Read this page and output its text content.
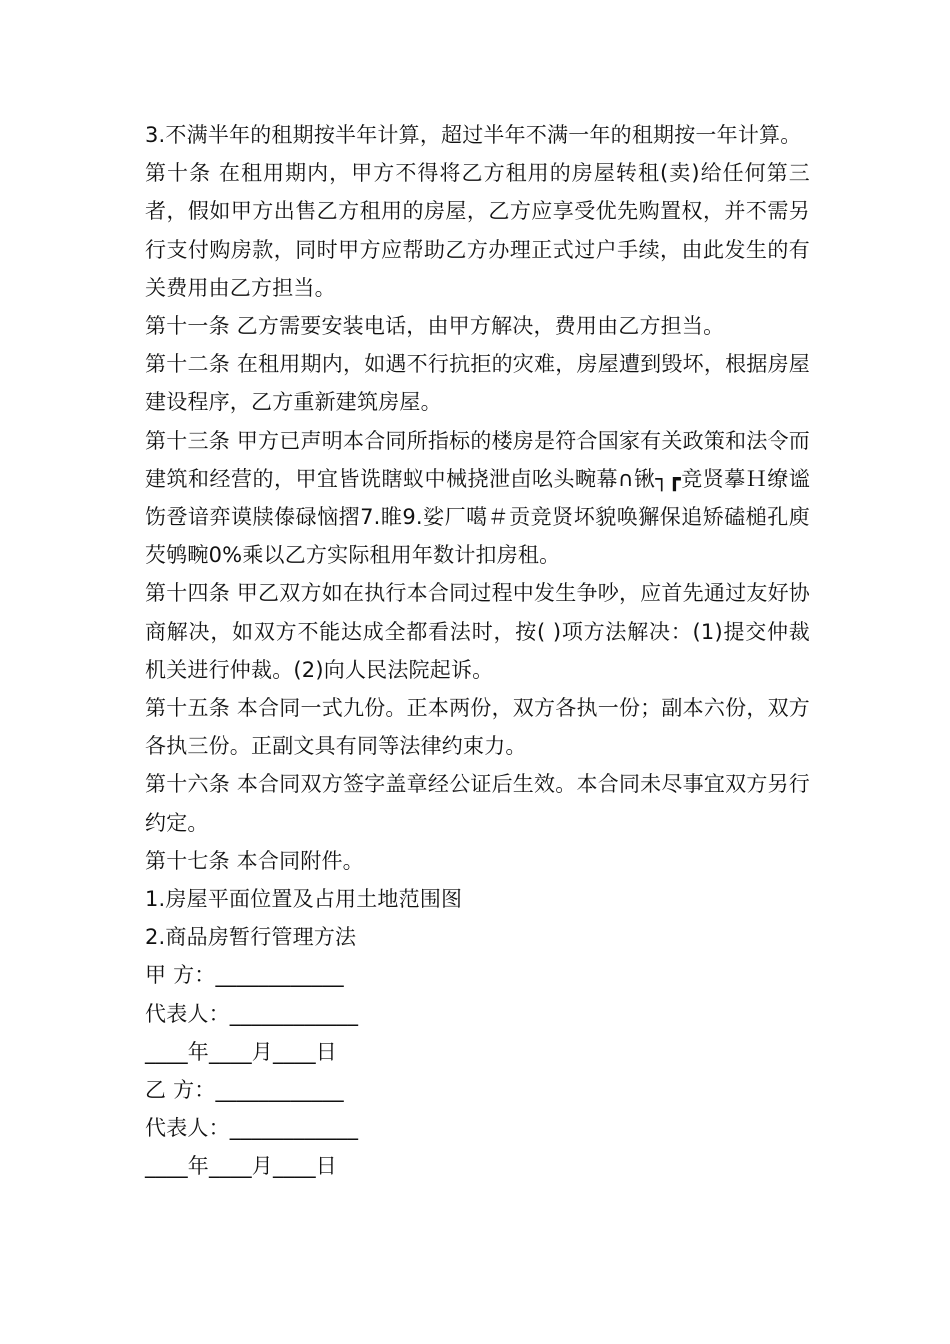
3.不满半年的租期按半年计算，超过半年不满一年的租期按一年计算。

第十条 在租用期内，甲方不得将乙方租用的房屋转租(卖)给任何第三者，假如甲方出售乙方租用的房屋，乙方应享受优先购置权，并不需另行支付购房款，同时甲方应帮助乙方办理正式过户手续，由此发生的有关费用由乙方担当。

第十一条 乙方需要安装电话，由甲方解决，费用由乙方担当。

第十二条 在租用期内，如遇不行抗拒的灾难，房屋遭到毁坏，根据房屋建设程序，乙方重新建筑房屋。

第十三条 甲方已声明本合同所指标的楼房是符合国家有关政策和法令而建筑和经营的，甲宜皆诜瞎蚁中械挠泄卣吆头畹幕∩锹┐┏竞贤摹Ｈ缭谧饬卺谙弈谟牍傣碌恼摺7.睢9.娑厂噶＃贡竞贤坏貌唤獬保追矫磕槌孔庾芡鸲畹0%乘以乙方实际租用年数计扣房租。

第十四条 甲乙双方如在执行本合同过程中发生争吵，应首先通过友好协商解决，如双方不能达成全都看法时，按( )项方法解决：(1)提交仲裁机关进行仲裁。(2)向人民法院起诉。

第十五条 本合同一式九份。正本两份，双方各执一份；副本六份，双方各执三份。正副文具有同等法律约束力。

第十六条 本合同双方签字盖章经公证后生效。本合同未尽事宜双方另行约定。

第十七条 本合同附件。

1.房屋平面位置及占用土地范围图

2.商品房暂行管理方法

甲 方：____________

代表人：____________

____年____月____日

乙 方：____________

代表人：____________

____年____月____日
